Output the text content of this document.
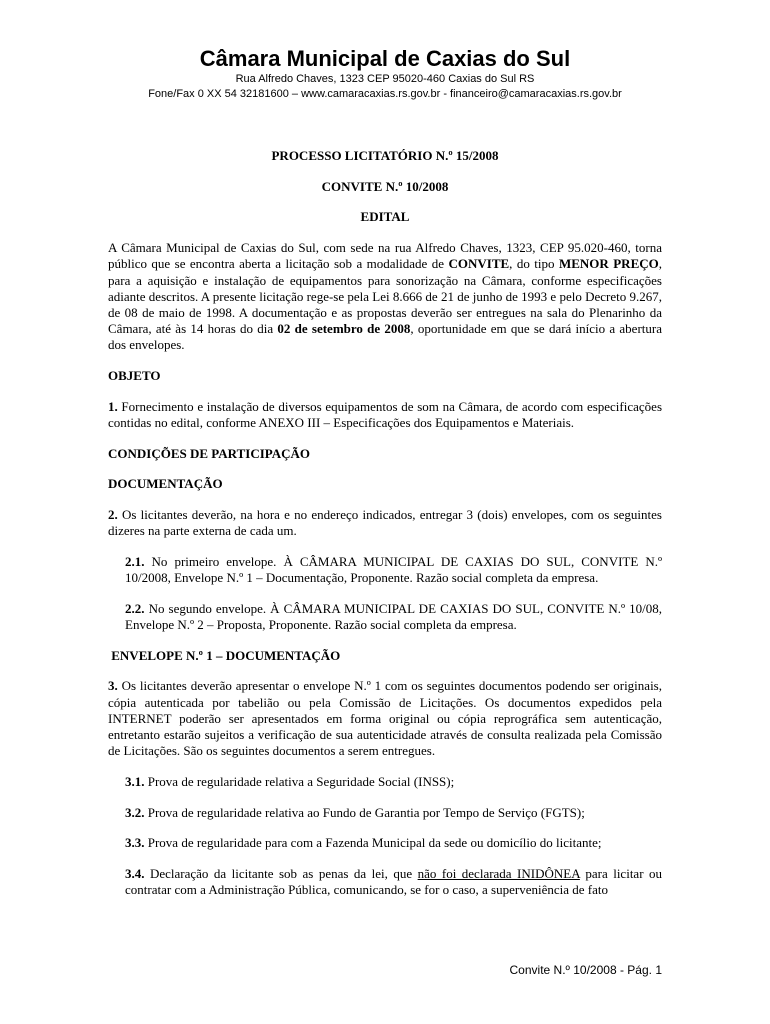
Câmara Municipal de Caxias do Sul
Rua Alfredo Chaves, 1323 CEP 95020-460 Caxias do Sul RS
Fone/Fax 0 XX 54 32181600 – www.camaracaxias.rs.gov.br - financeiro@camaracaxias.rs.gov.br
PROCESSO LICITATÓRIO N.º 15/2008
CONVITE N.º 10/2008
EDITAL

A Câmara Municipal de Caxias do Sul, com sede na rua Alfredo Chaves, 1323, CEP 95.020-460, torna público que se encontra aberta a licitação sob a modalidade de CONVITE, do tipo MENOR PREÇO, para a aquisição e instalação de equipamentos para sonorização na Câmara, conforme especificações adiante descritos. A presente licitação rege-se pela Lei 8.666 de 21 de junho de 1993 e pelo Decreto 9.267, de 08 de maio de 1998. A documentação e as propostas deverão ser entregues na sala do Plenarinho da Câmara, até às 14 horas do dia 02 de setembro de 2008, oportunidade em que se dará início a abertura dos envelopes.

OBJETO

1. Fornecimento e instalação de diversos equipamentos de som na Câmara, de acordo com especificações contidas no edital, conforme ANEXO III – Especificações dos Equipamentos e Materiais.

CONDIÇÕES DE PARTICIPAÇÃO
DOCUMENTAÇÃO

2. Os licitantes deverão, na hora e no endereço indicados, entregar 3 (dois) envelopes, com os seguintes dizeres na parte externa de cada um.

2.1. No primeiro envelope. À CÂMARA MUNICIPAL DE CAXIAS DO SUL, CONVITE N.º 10/2008, Envelope N.º 1 – Documentação, Proponente. Razão social completa da empresa.

2.2. No segundo envelope. À CÂMARA MUNICIPAL DE CAXIAS DO SUL, CONVITE N.º 10/08, Envelope N.º 2 – Proposta, Proponente. Razão social completa da empresa.

ENVELOPE N.º 1 – DOCUMENTAÇÃO

3. Os licitantes deverão apresentar o envelope N.º 1 com os seguintes documentos podendo ser originais, cópia autenticada por tabelião ou pela Comissão de Licitações. Os documentos expedidos pela INTERNET poderão ser apresentados em forma original ou cópia reprográfica sem autenticação, entretanto estarão sujeitos a verificação de sua autenticidade através de consulta realizada pela Comissão de Licitações. São os seguintes documentos a serem entregues.

3.1. Prova de regularidade relativa a Seguridade Social (INSS);

3.2. Prova de regularidade relativa ao Fundo de Garantia por Tempo de Serviço (FGTS);

3.3. Prova de regularidade para com a Fazenda Municipal da sede ou domicílio do licitante;

3.4. Declaração da licitante sob as penas da lei, que não foi declarada INIDÔNEA para licitar ou contratar com a Administração Pública, comunicando, se for o caso, a superveniência de fato

Convite N.º 10/2008 - Pág. 1
